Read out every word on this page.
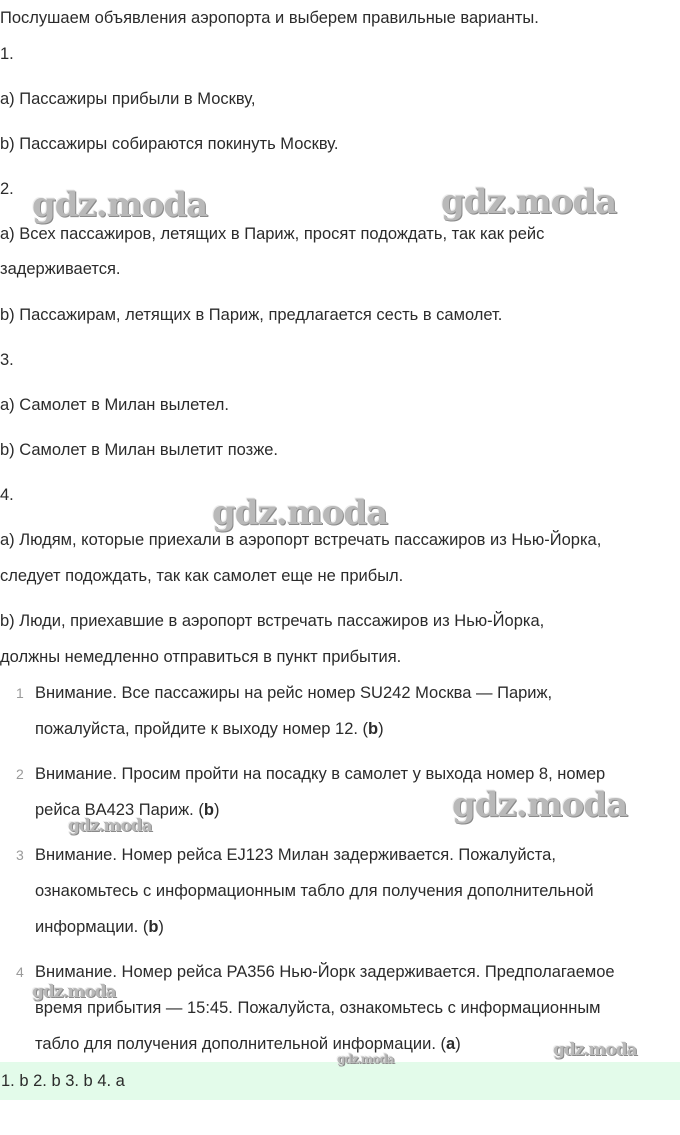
Послушаем объявления аэропорта и выберем правильные варианты.

1.

a) Пассажиры прибыли в Москву,

b) Пассажиры собираются покинуть Москву.

2.

a) Всех пассажиров, летящих в Париж, просят подождать, так как рейс

задерживается.

b) Пассажирам, летящих в Париж, предлагается сесть в самолет.

3.

a) Самолет в Милан вылетел.

b) Самолет в Милан вылетит позже.

4.

a) Людям, которые приехали в аэропорт встречать пассажиров из Нью-Йорка,

следует подождать, так как самолет еще не прибыл.

b) Люди, приехавшие в аэропорт встречать пассажиров из Нью-Йорка,

должны немедленно отправиться в пункт прибытия.

1 Внимание. Все пассажиры на рейс номер SU242 Москва — Париж,
пожалуйста, пройдите к выходу номер 12. (b)
2 Внимание. Просим пройти на посадку в самолет у выхода номер 8, номер
рейса BA423 Париж. (b)
3 Внимание. Номер рейса EJ123 Милан задерживается. Пожалуйста,
ознакомьтесь с информационным табло для получения дополнительной
информации. (b)
4 Внимание. Номер рейса PA356 Нью-Йорк задерживается. Предполагаемое
время прибытия — 15:45. Пожалуйста, ознакомьтесь с информационным
табло для получения дополнительной информации. (a)
1. b 2. b 3. b 4. a
gdz.moda	gdz.moda
gdz.moda
gdz.moda
gdz.moda
gdz.moda
gdz.moda
gdz.moda
